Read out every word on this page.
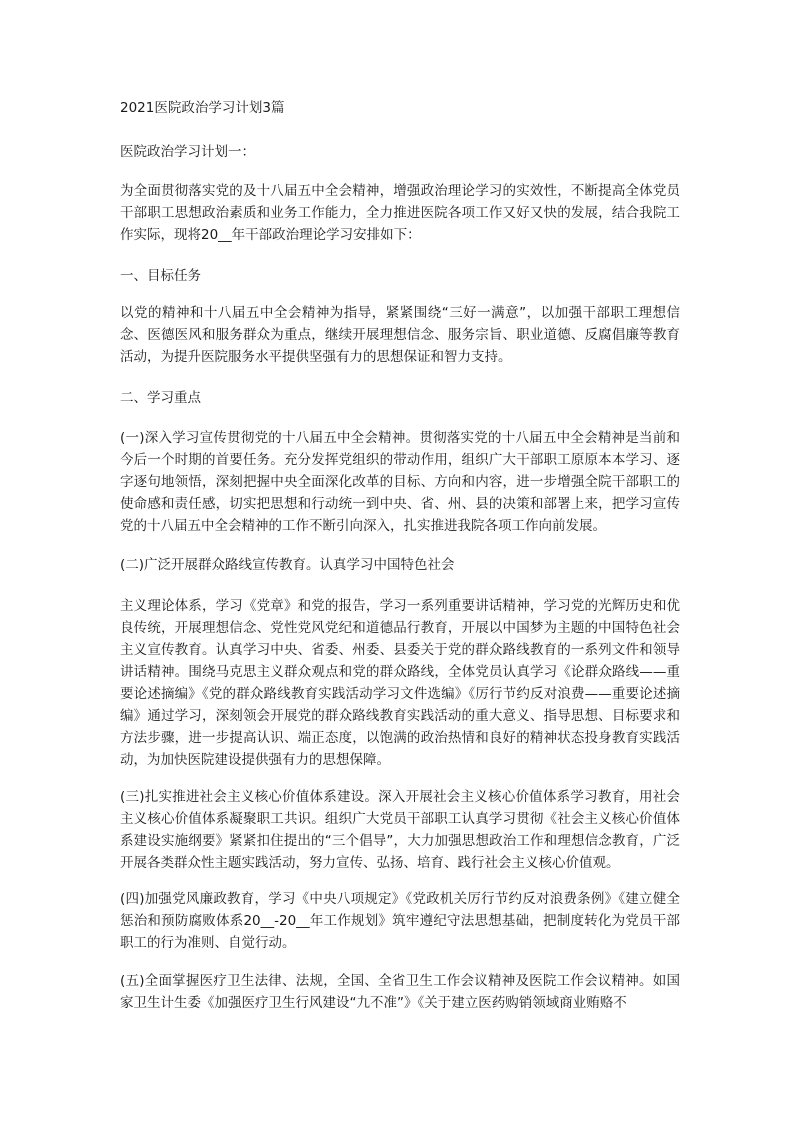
2021医院政治学习计划3篇

医院政治学习计划一：

为全面贯彻落实党的及十八届五中全会精神，增强政治理论学习的实效性，不断提高全体党员干部职工思想政治素质和业务工作能力，全力推进医院各项工作又好又快的发展，结合我院工作实际，现将20__年干部政治理论学习安排如下：

一、目标任务

以党的精神和十八届五中全会精神为指导，紧紧围绕“三好一满意”，以加强干部职工理想信念、医德医风和服务群众为重点，继续开展理想信念、服务宗旨、职业道德、反腐倡廉等教育活动，为提升医院服务水平提供坚强有力的思想保证和智力支持。

二、学习重点

(一)深入学习宣传贯彻党的十八届五中全会精神。贯彻落实党的十八届五中全会精神是当前和今后一个时期的首要任务。充分发挥党组织的带动作用，组织广大干部职工原原本本学习、逐字逐句地领悟，深刻把握中央全面深化改革的目标、方向和内容，进一步增强全院干部职工的使命感和责任感，切实把思想和行动统一到中央、省、州、县的决策和部署上来，把学习宣传党的十八届五中全会精神的工作不断引向深入，扎实推进我院各项工作向前发展。

(二)广泛开展群众路线宣传教育。认真学习中国特色社会

主义理论体系，学习《党章》和党的报告，学习一系列重要讲话精神，学习党的光辉历史和优良传统，开展理想信念、党性党风党纪和道德品行教育，开展以中国梦为主题的中国特色社会主义宣传教育。认真学习中央、省委、州委、县委关于党的群众路线教育的一系列文件和领导讲话精神。围绕马克思主义群众观点和党的群众路线，全体党员认真学习《论群众路线——重要论述摘编》《党的群众路线教育实践活动学习文件选编》《厉行节约反对浪费——重要论述摘编》通过学习，深刻领会开展党的群众路线教育实践活动的重大意义、指导思想、目标要求和方法步骤，进一步提高认识、端正态度，以饱满的政治热情和良好的精神状态投身教育实践活动，为加快医院建设提供强有力的思想保障。

(三)扎实推进社会主义核心价值体系建设。深入开展社会主义核心价值体系学习教育，用社会主义核心价值体系凝聚职工共识。组织广大党员干部职工认真学习贯彻《社会主义核心价值体系建设实施纲要》紧紧扣住提出的“三个倡导”，大力加强思想政治工作和理想信念教育，广泛开展各类群众性主题实践活动，努力宣传、弘扬、培育、践行社会主义核心价值观。

(四)加强党风廉政教育，学习《中央八项规定》《党政机关厉行节约反对浪费条例》《建立健全惩治和预防腐败体系20__-20__年工作规划》筑牢遵纪守法思想基础，把制度转化为党员干部职工的行为准则、自觉行动。

(五)全面掌握医疗卫生法律、法规，全国、全省卫生工作会议精神及医院工作会议精神。如国家卫生计生委《加强医疗卫生行风建设“九不准”》《关于建立医药购销领域商业贿赂不
